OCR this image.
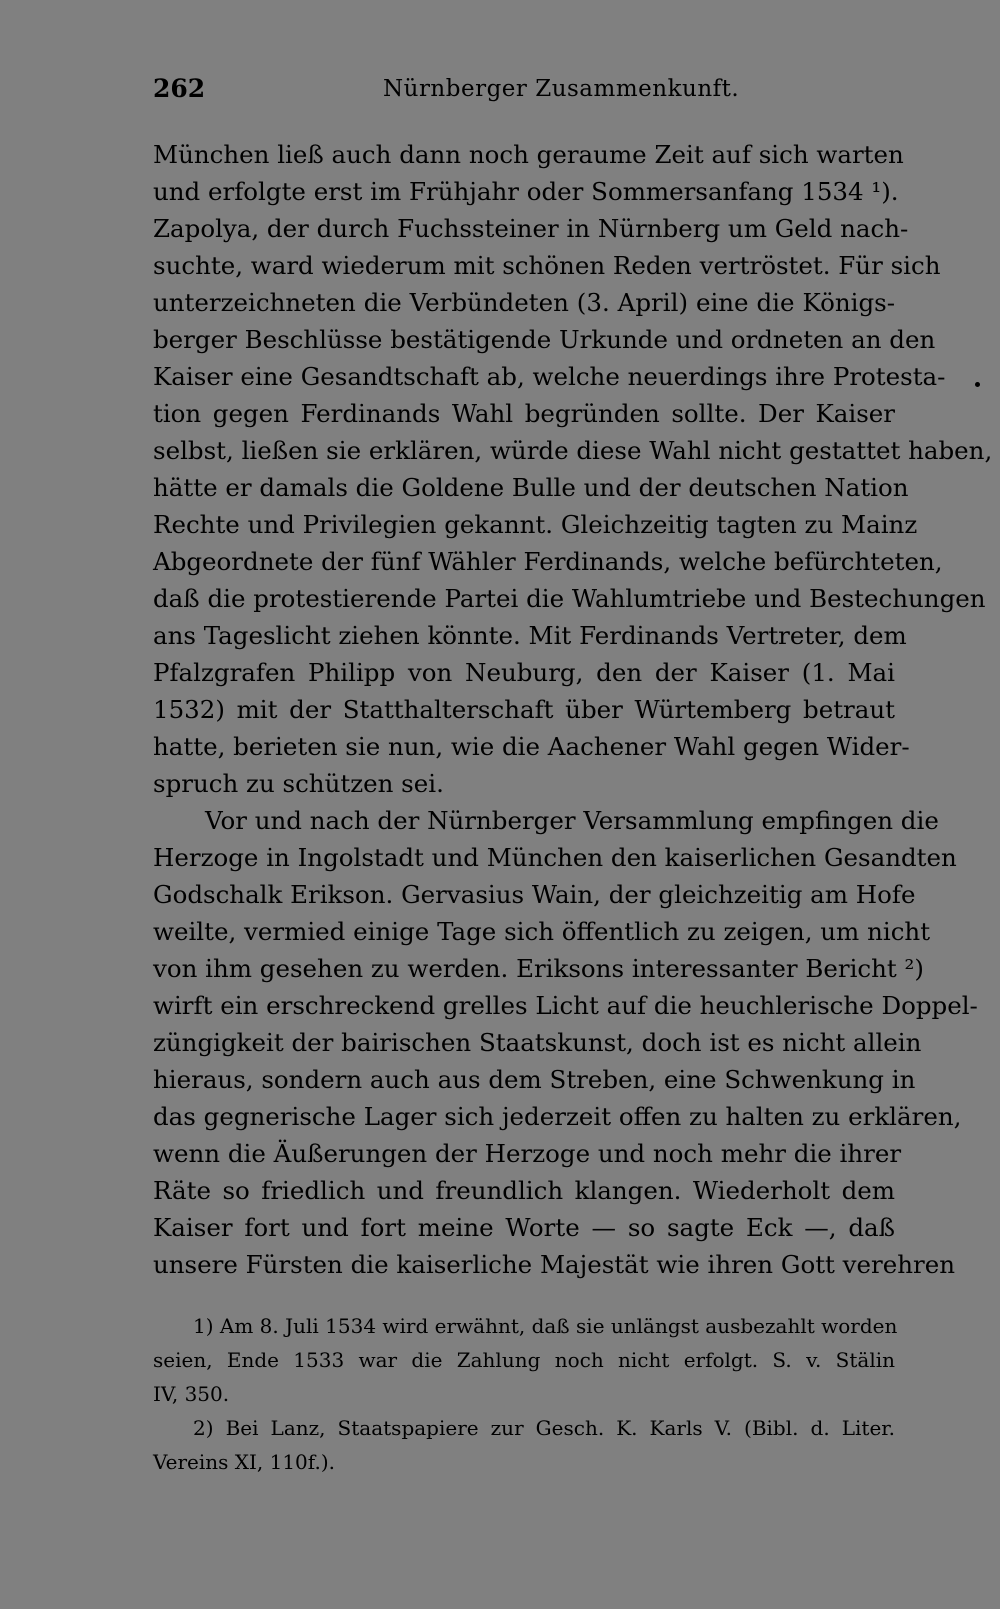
262	Nürnberger Zusammenkunft.
München ließ auch dann noch geraume Zeit auf sich warten
und erfolgte erst im Frühjahr oder Sommersanfang 1534 ¹).
Zapolya, der durch Fuchssteiner in Nürnberg um Geld nach-
suchte, ward wiederum mit schönen Reden vertröstet. Für sich
unterzeichneten die Verbündeten (3. April) eine die Königs-
berger Beschlüsse bestätigende Urkunde und ordneten an den
Kaiser eine Gesandtschaft ab, welche neuerdings ihre Protesta-
tion gegen Ferdinands Wahl begründen sollte. Der Kaiser
selbst, ließen sie erklären, würde diese Wahl nicht gestattet haben,
hätte er damals die Goldene Bulle und der deutschen Nation
Rechte und Privilegien gekannt. Gleichzeitig tagten zu Mainz
Abgeordnete der fünf Wähler Ferdinands, welche befürchteten,
daß die protestierende Partei die Wahlumtriebe und Bestechungen
ans Tageslicht ziehen könnte. Mit Ferdinands Vertreter, dem
Pfalzgrafen Philipp von Neuburg, den der Kaiser (1. Mai
1532) mit der Statthalterschaft über Würtemberg betraut
hatte, berieten sie nun, wie die Aachener Wahl gegen Wider-
spruch zu schützen sei.
Vor und nach der Nürnberger Versammlung empfingen die
Herzoge in Ingolstadt und München den kaiserlichen Gesandten
Godschalk Erikson. Gervasius Wain, der gleichzeitig am Hofe
weilte, vermied einige Tage sich öffentlich zu zeigen, um nicht
von ihm gesehen zu werden. Eriksons interessanter Bericht ²)
wirft ein erschreckend grelles Licht auf die heuchlerische Doppel-
züngigkeit der bairischen Staatskunst, doch ist es nicht allein
hieraus, sondern auch aus dem Streben, eine Schwenkung in
das gegnerische Lager sich jederzeit offen zu halten zu erklären,
wenn die Äußerungen der Herzoge und noch mehr die ihrer
Räte so friedlich und freundlich klangen. Wiederholt dem
Kaiser fort und fort meine Worte — so sagte Eck —, daß
unsere Fürsten die kaiserliche Majestät wie ihren Gott verehren
1) Am 8. Juli 1534 wird erwähnt, daß sie unlängst ausbezahlt worden
seien, Ende 1533 war die Zahlung noch nicht erfolgt. S. v. Stälin
IV, 350.
2) Bei Lanz, Staatspapiere zur Gesch. K. Karls V. (Bibl. d. Liter.
Vereins XI, 110f.).
